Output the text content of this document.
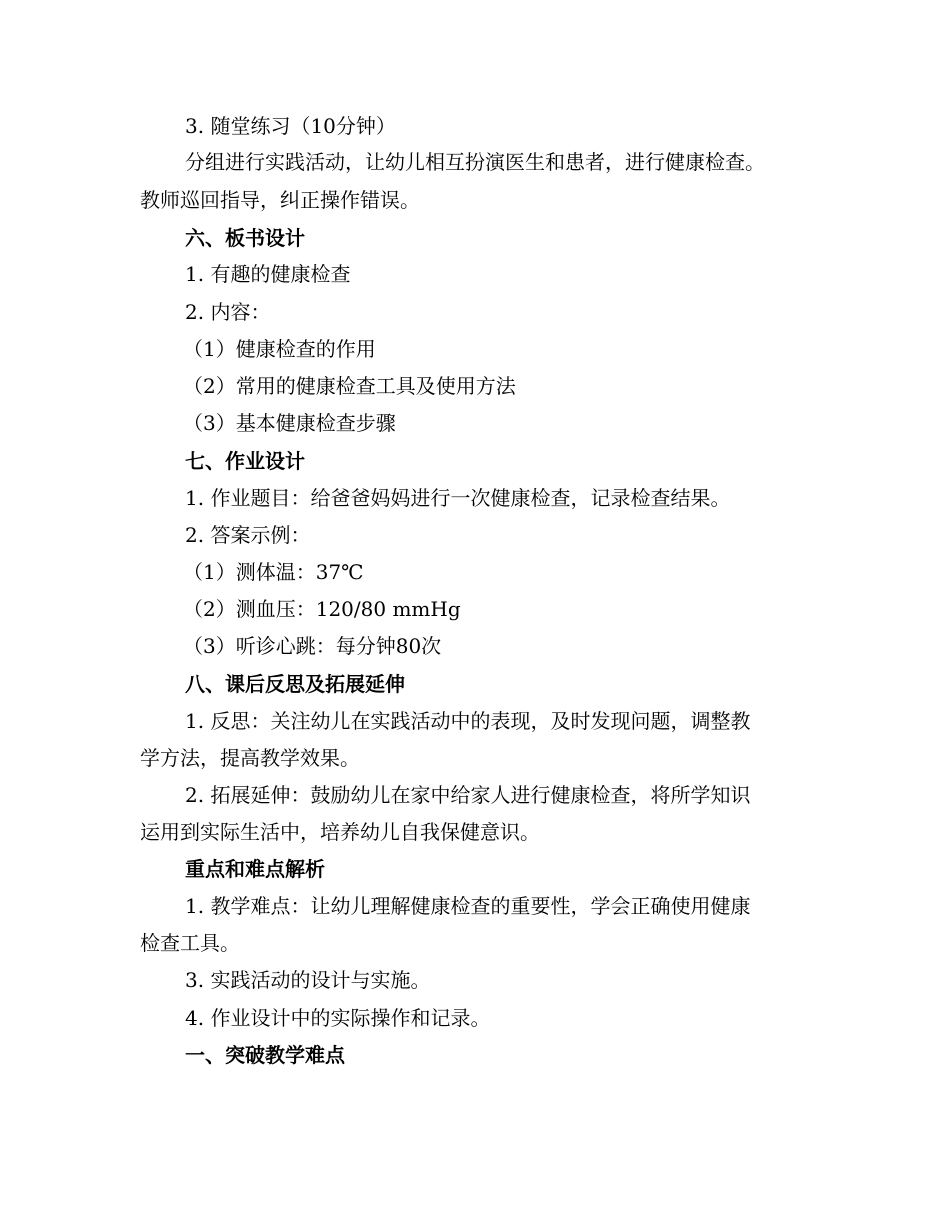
3. 随堂练习（10分钟）
分组进行实践活动，让幼儿相互扮演医生和患者，进行健康检查。
教师巡回指导，纠正操作错误。
六、板书设计
1. 有趣的健康检查
2. 内容：
（1）健康检查的作用
（2）常用的健康检查工具及使用方法
（3）基本健康检查步骤
七、作业设计
1. 作业题目：给爸爸妈妈进行一次健康检查，记录检查结果。
2. 答案示例：
（1）测体温：37℃
（2）测血压：120/80 mmHg
（3）听诊心跳：每分钟80次
八、课后反思及拓展延伸
1. 反思：关注幼儿在实践活动中的表现，及时发现问题，调整教
学方法，提高教学效果。
2. 拓展延伸：鼓励幼儿在家中给家人进行健康检查，将所学知识
运用到实际生活中，培养幼儿自我保健意识。
重点和难点解析
1. 教学难点：让幼儿理解健康检查的重要性，学会正确使用健康
检查工具。
3. 实践活动的设计与实施。
4. 作业设计中的实际操作和记录。
一、突破教学难点
